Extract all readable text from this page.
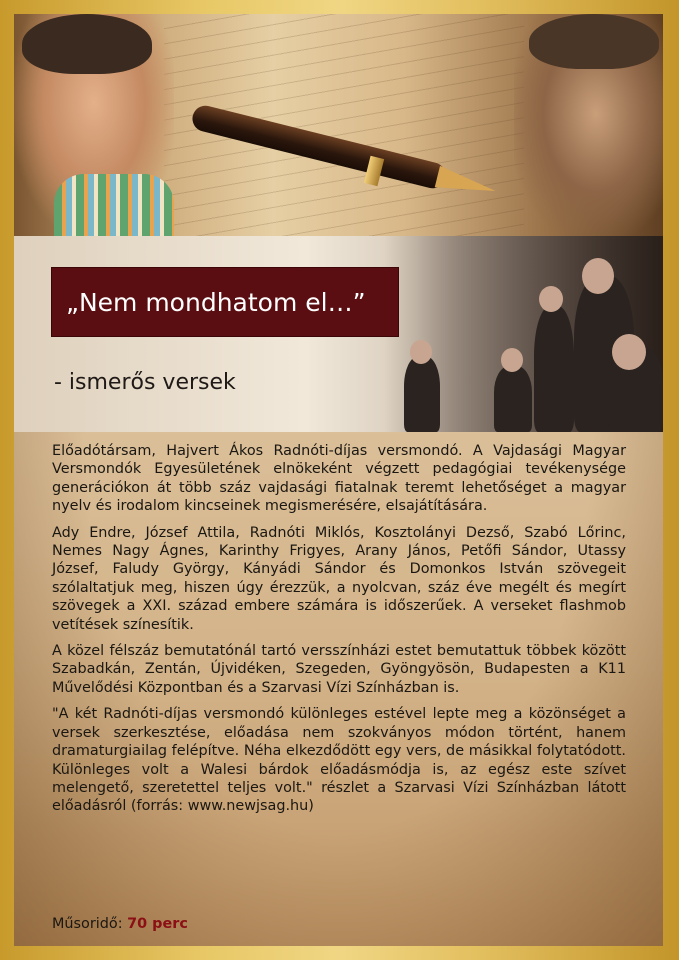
„Nem mondhatom el…”
- ismerős versek

Előadótársam, Hajvert Ákos Radnóti-díjas versmondó. A Vajdasági Magyar Versmondók Egyesületének elnökeként végzett pedagógiai tevékenysége generációkon át több száz vajdasági fiatalnak teremt lehetőséget a magyar nyelv és irodalom kincseinek megismerésére, elsajátítására.

Ady Endre, József Attila, Radnóti Miklós, Kosztolányi Dezső, Szabó Lőrinc, Nemes Nagy Ágnes, Karinthy Frigyes, Arany János, Petőfi Sándor, Utassy József, Faludy György, Kányádi Sándor és Domonkos István szövegeit szólaltatjuk meg, hiszen úgy érezzük, a nyolcvan, száz éve megélt és megírt szövegek a XXI. század embere számára is időszerűek. A verseket flashmob vetítések színesítik.

A közel félszáz bemutatónál tartó versszínházi estet bemutattuk többek között Szabadkán, Zentán, Újvidéken, Szegeden, Gyöngyösön, Budapesten a K11 Művelődési Központban és a Szarvasi Vízi Színházban is.

"A két Radnóti-díjas versmondó különleges estével lepte meg a közönséget a versek szerkesztése, előadása nem szokványos módon történt, hanem dramaturgiailag felépítve. Néha elkezdődött egy vers, de másikkal folytatódott. Különleges volt a Walesi bárdok előadásmódja is, az egész este szívet melengető, szeretettel teljes volt." részlet a Szarvasi Vízi Színházban látott előadásról (forrás: www.newjsag.hu)

Műsoridő: 70 perc
